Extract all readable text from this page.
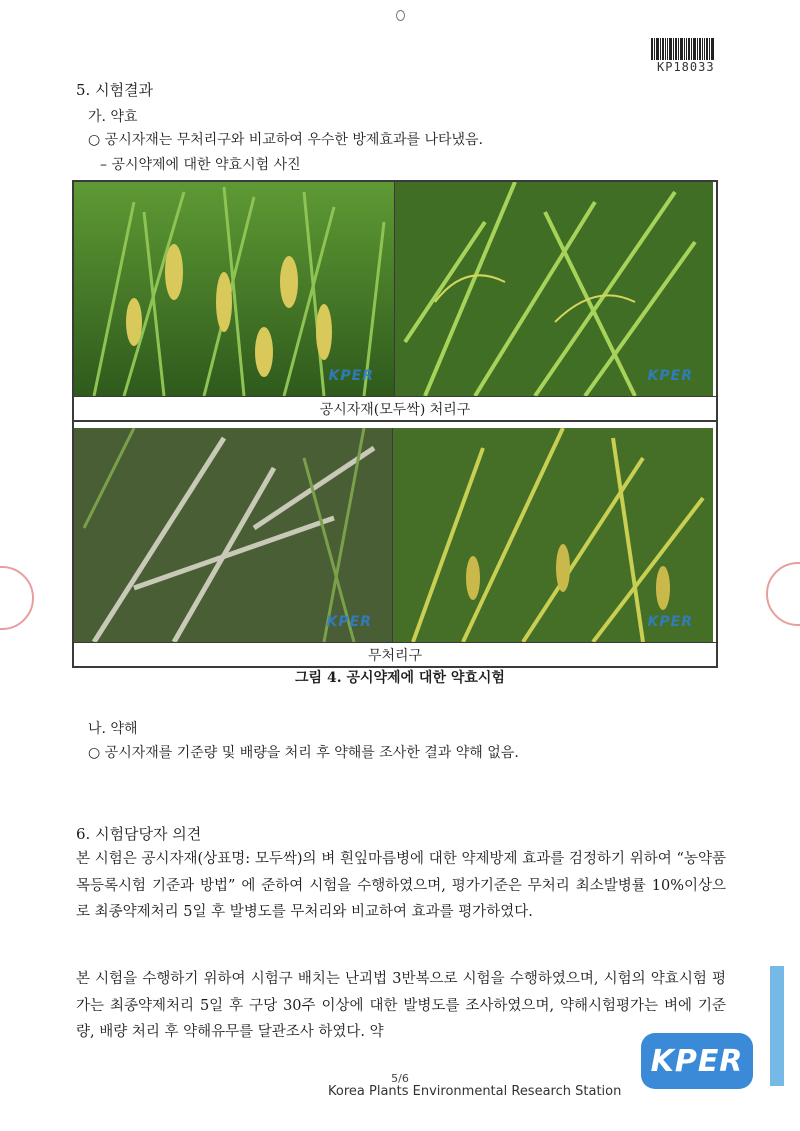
KP18033
5. 시험결과
가. 약효
○ 공시자재는 무처리구와 비교하여 우수한 방제효과를 나타냈음.
– 공시약제에 대한 약효시험 사진
KPER	KPER
공시자재(모두싹) 처리구
KPER	KPER
무처리구
그림 4. 공시약제에 대한 약효시험
나. 약해
○ 공시자재를 기준량 및 배량을 처리 후 약해를 조사한 결과 약해 없음.
6. 시험담당자 의견
본 시험은 공시자재(상표명: 모두싹)의 벼 흰잎마름병에 대한 약제방제 효과를 검정하기 위하여 “농약품목등록시험 기준과 방법” 에 준하여 시험을 수행하였으며, 평가기준은 무처리 최소발병률 10%이상으로 최종약제처리 5일 후 발병도를 무처리와 비교하여 효과를 평가하였다.
본 시험을 수행하기 위하여 시험구 배치는 난괴법 3반복으로 시험을 수행하였으며, 시험의 약효시험 평가는 최종약제처리 5일 후 구당 30주 이상에 대한 발병도를 조사하였으며, 약해시험평가는 벼에 기준량, 배량 처리 후 약해유무를 달관조사 하였다. 약
5/6
Korea Plants Environmental Research Station
KPER
